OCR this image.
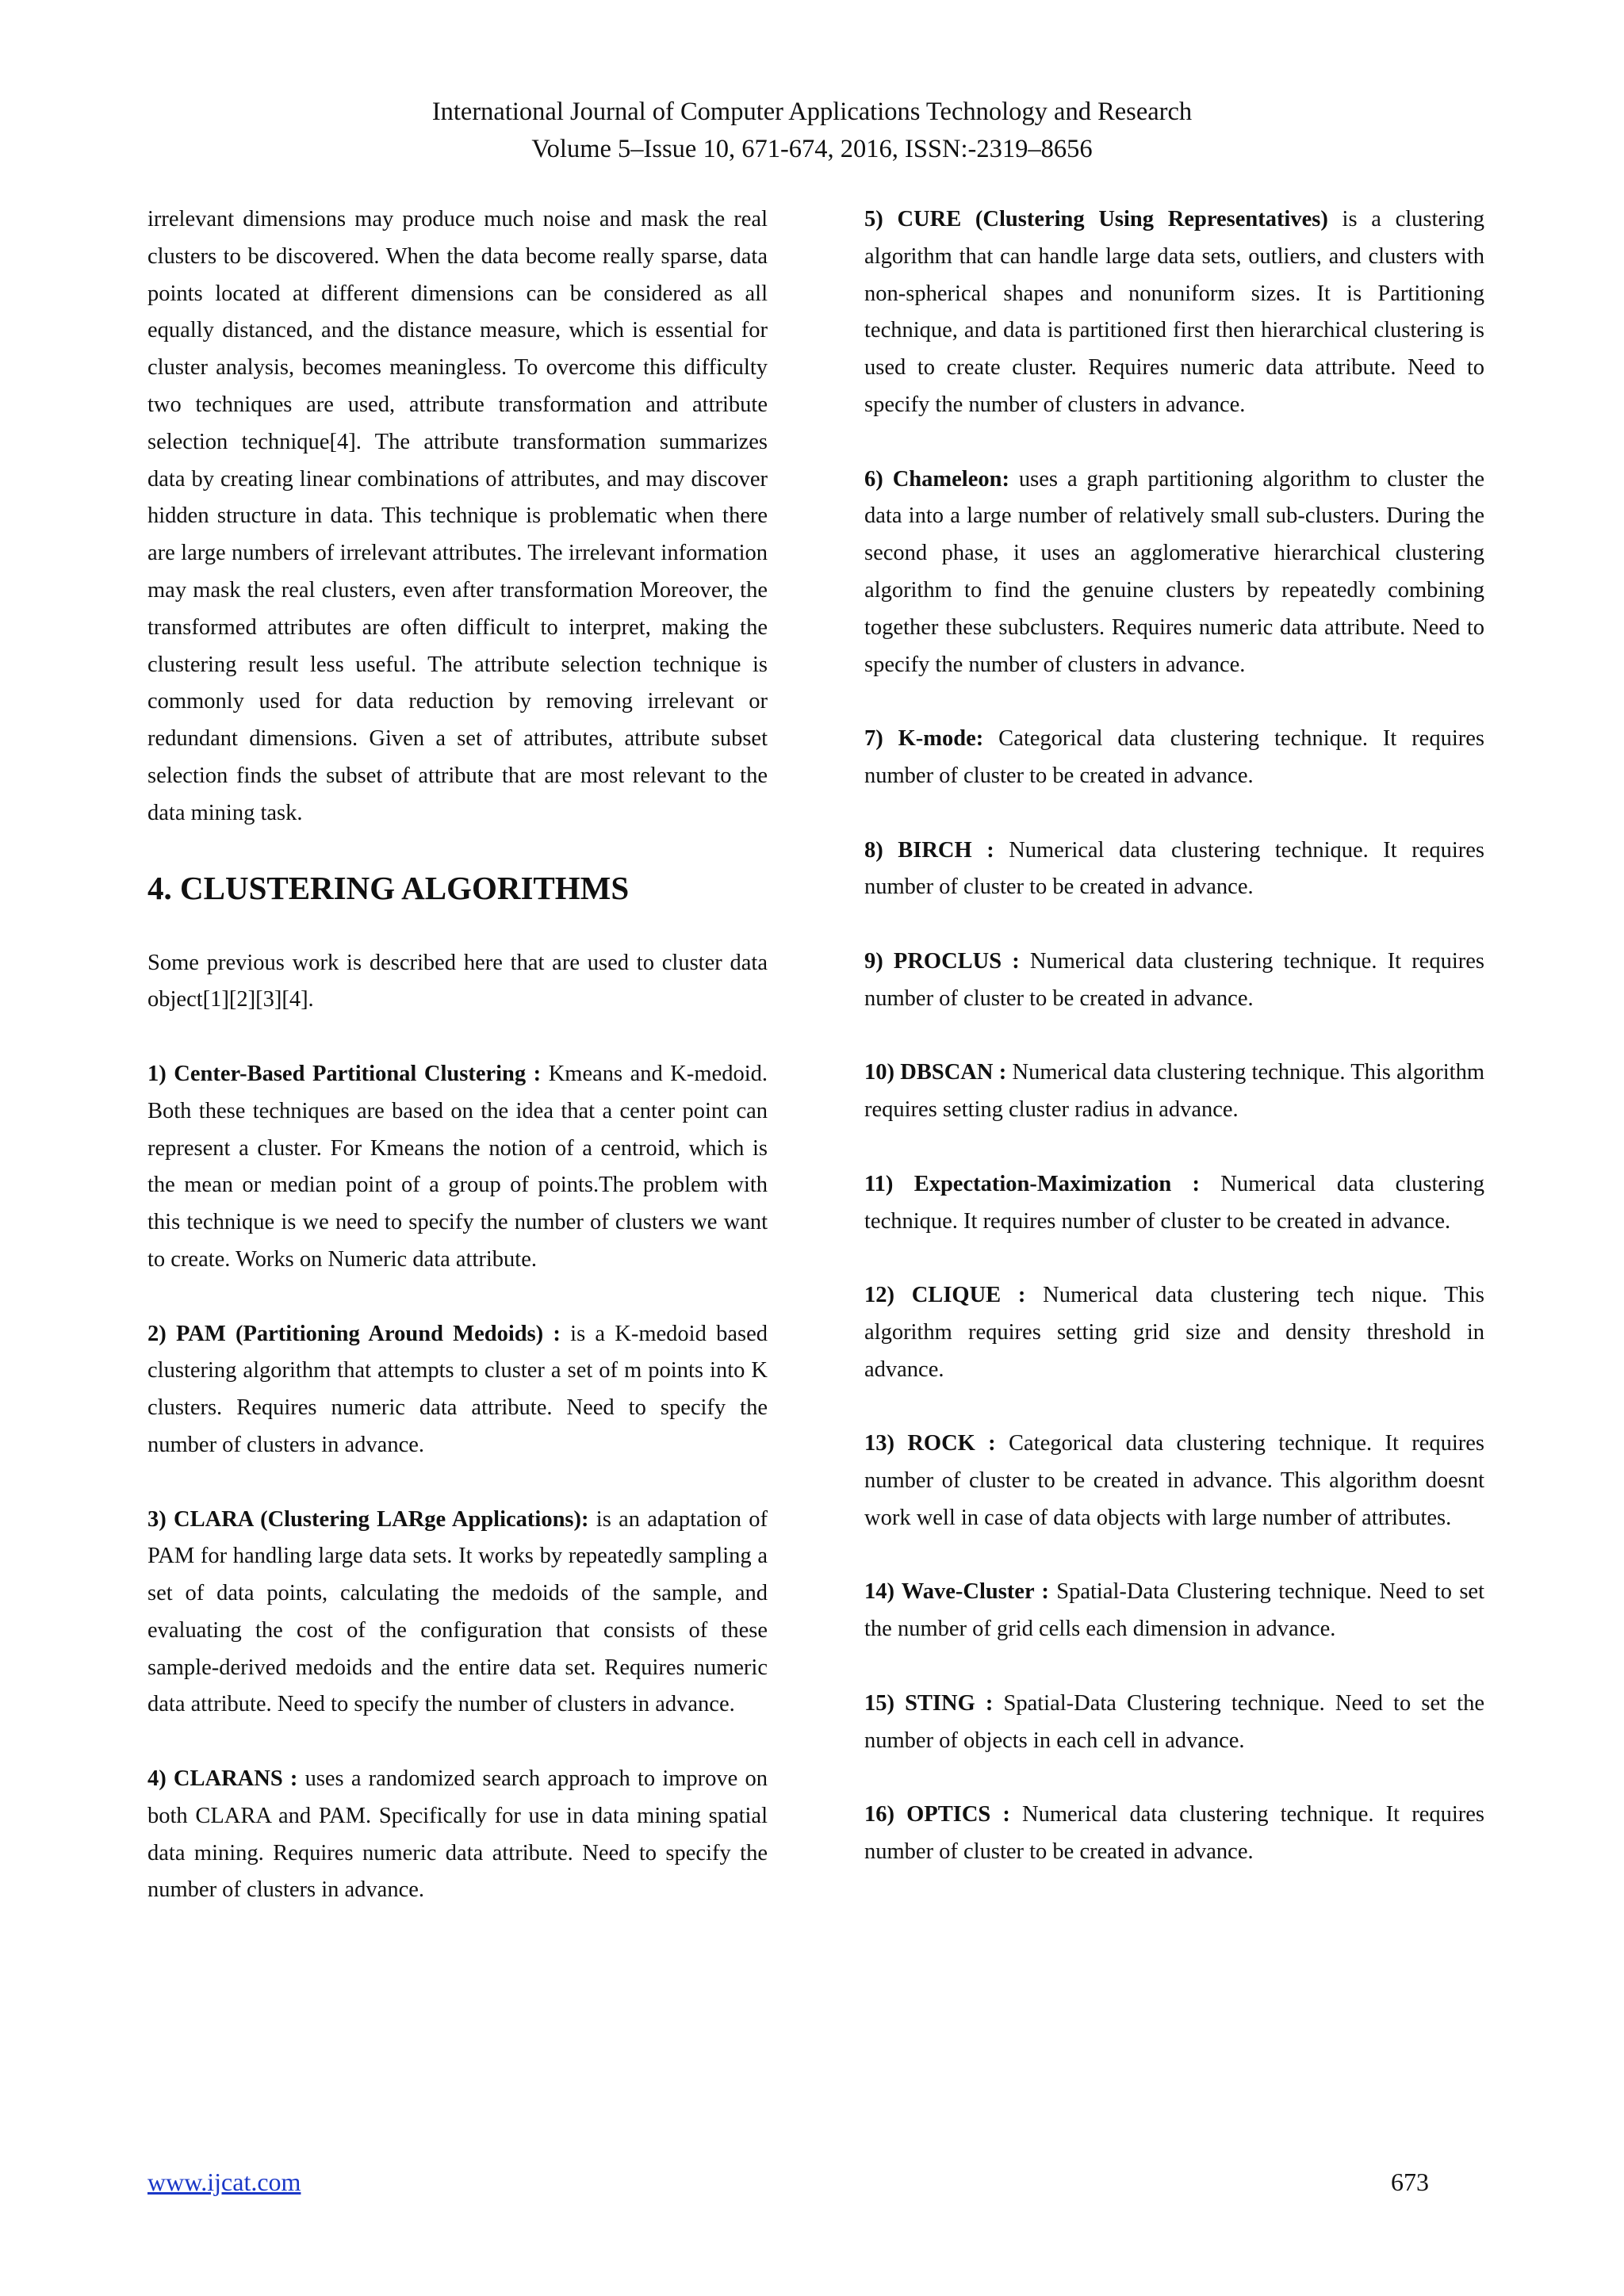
International Journal of Computer Applications Technology and Research
Volume 5–Issue 10, 671-674, 2016, ISSN:-2319–8656

irrelevant dimensions may produce much noise and mask the real clusters to be discovered. When the data become really sparse, data points located at different dimensions can be considered as all equally distanced, and the distance measure, which is essential for cluster analysis, becomes meaningless. To overcome this difficulty two techniques are used, attribute transformation and attribute selection technique[4]. The attribute transformation summarizes data by creating linear combinations of attributes, and may discover hidden structure in data. This technique is problematic when there are large numbers of irrelevant attributes. The irrelevant information may mask the real clusters, even after transformation Moreover, the transformed attributes are often difficult to interpret, making the clustering result less useful. The attribute selection technique is commonly used for data reduction by removing irrelevant or redundant dimensions. Given a set of attributes, attribute subset selection finds the subset of attribute that are most relevant to the data mining task.

4. CLUSTERING ALGORITHMS

Some previous work is described here that are used to cluster data object[1][2][3][4].

1) Center-Based Partitional Clustering : Kmeans and K-medoid. Both these techniques are based on the idea that a center point can represent a cluster. For Kmeans the notion of a centroid, which is the mean or median point of a group of points.The problem with this technique is we need to specify the number of clusters we want to create. Works on Numeric data attribute.

2) PAM (Partitioning Around Medoids) : is a K-medoid based clustering algorithm that attempts to cluster a set of m points into K clusters. Requires numeric data attribute. Need to specify the number of clusters in advance.

3) CLARA (Clustering LARge Applications): is an adaptation of PAM for handling large data sets. It works by repeatedly sampling a set of data points, calculating the medoids of the sample, and evaluating the cost of the configuration that consists of these sample-derived medoids and the entire data set. Requires numeric data attribute. Need to specify the number of clusters in advance.

4) CLARANS : uses a randomized search approach to improve on both CLARA and PAM. Specifically for use in data mining spatial data mining. Requires numeric data attribute. Need to specify the number of clusters in advance.

5) CURE (Clustering Using Representatives) is a clustering algorithm that can handle large data sets, outliers, and clusters with non-spherical shapes and nonuniform sizes. It is Partitioning technique, and data is partitioned first then hierarchical clustering is used to create cluster. Requires numeric data attribute. Need to specify the number of clusters in advance.

6) Chameleon: uses a graph partitioning algorithm to cluster the data into a large number of relatively small sub-clusters. During the second phase, it uses an agglomerative hierarchical clustering algorithm to find the genuine clusters by repeatedly combining together these subclusters. Requires numeric data attribute. Need to specify the number of clusters in advance.

7) K-mode: Categorical data clustering technique. It requires number of cluster to be created in advance.

8) BIRCH : Numerical data clustering technique. It requires number of cluster to be created in advance.

9) PROCLUS : Numerical data clustering technique. It requires number of cluster to be created in advance.

10) DBSCAN : Numerical data clustering technique. This algorithm requires setting cluster radius in advance.

11) Expectation-Maximization : Numerical data clustering technique. It requires number of cluster to be created in advance.

12) CLIQUE : Numerical data clustering tech nique. This algorithm requires setting grid size and density threshold in advance.

13) ROCK : Categorical data clustering technique. It requires number of cluster to be created in advance. This algorithm doesnt work well in case of data objects with large number of attributes.

14) Wave-Cluster : Spatial-Data Clustering technique. Need to set the number of grid cells each dimension in advance.

15) STING : Spatial-Data Clustering technique. Need to set the number of objects in each cell in advance.

16) OPTICS : Numerical data clustering technique. It requires number of cluster to be created in advance.

www.ijcat.com	673
